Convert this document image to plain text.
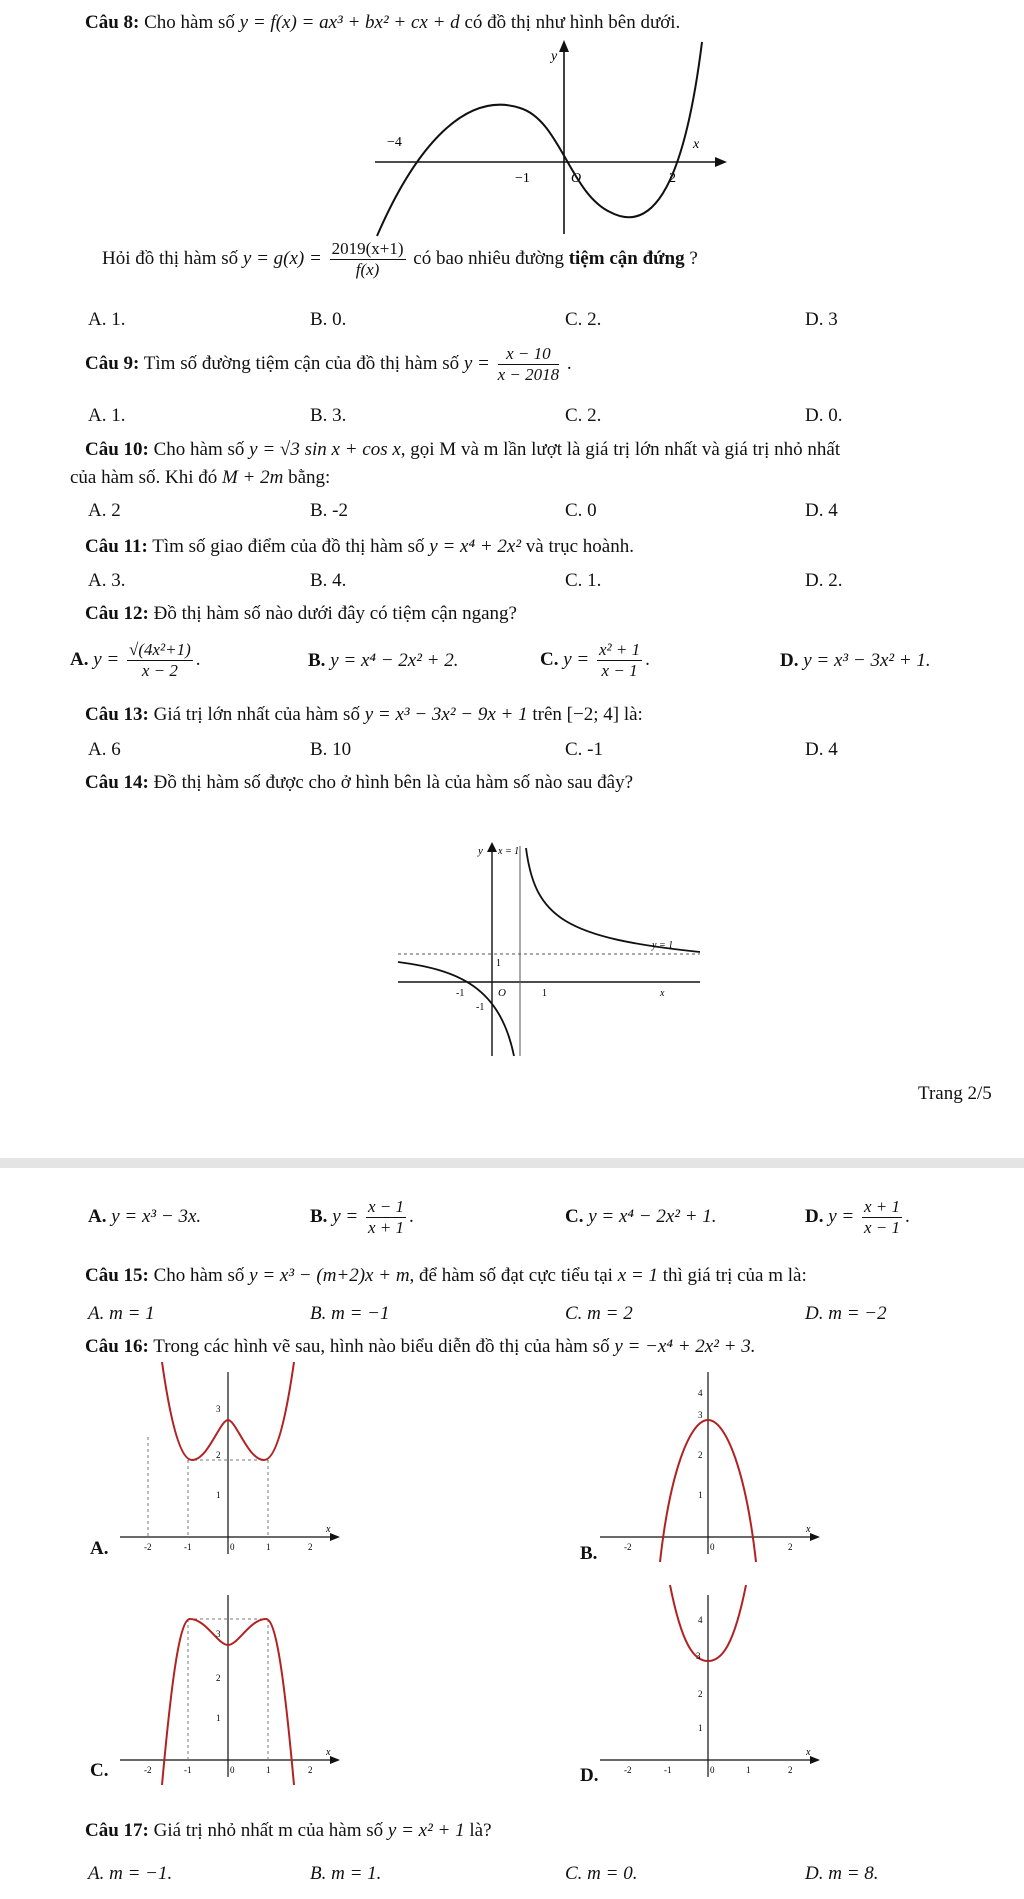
Câu 8: Cho hàm số y = f(x) = ax³ + bx² + cx + d có đồ thị như hình bên dưới.
y
x
O
−1	2
−4
Hỏi đồ thị hàm số $y = g(x) = \frac{2019(x+1)}{f(x)}$ có bao nhiêu đường tiệm cận đứng ?
A. 1.	B. 0.	C. 2.	D. 3
Câu 9: Tìm số đường tiệm cận của đồ thị hàm số $y = \frac{x - 10}{x - 2018}$ .
A. 1.	B. 3.	C. 2.	D. 0.
Câu 10: Cho hàm số y = √3 sin x + cos x, gọi M và m lần lượt là giá trị lớn nhất và giá trị nhỏ nhất
của hàm số. Khi đó M + 2m bằng:
A. 2	B. -2	C. 0	D. 4
Câu 11: Tìm số giao điểm của đồ thị hàm số y = x⁴ + 2x² và trục hoành.
A. 3.	B. 4.	C. 1.	D. 2.
Câu 12: Đồ thị hàm số nào dưới đây có tiệm cận ngang?
A. $y = \frac{\text{√(4x²+1)}}{x - 2}$ .	B. y = x⁴ − 2x² + 2.	C. $y = \frac{\text{x² + 1}}{x - 1}$ .	D. y = x³ − 3x² + 1.
Câu 13: Giá trị lớn nhất của hàm số y = x³ − 3x² − 9x + 1 trên [−2; 4] là:
A. 6	B. 10	C. -1	D. 4
Câu 14: Đồ thị hàm số được cho ở hình bên là của hàm số nào sau đây?
y x = 1
y = 1
1
-1	O	1	x
-1
Trang 2/5
A. y = x³ − 3x.	B. $y = \frac{x - 1}{x + 1}$ .	C. y = x⁴ − 2x² + 1.	D. $y = \frac{x + 1}{x - 1}$ .
Câu 15: Cho hàm số y = x³ − (m+2)x + m, để hàm số đạt cực tiểu tại x = 1 thì giá trị của m là:
A. m = 1	B. m = −1	C. m = 2	D. m = −2
Câu 16: Trong các hình vẽ sau, hình nào biểu diễn đồ thị của hàm số y = −x⁴ + 2x² + 3.
3
2
1
-2	-1	0	1	2
x
A.
4
3
2
1
-2	0	2
x
B.
3
2
1
-2	-1	0	1	2
x
C.
4
3
2
1
-2	-1	0	1	2
x
D.
Câu 17: Giá trị nhỏ nhất m của hàm số y = x² + 1 là?
A. m = −1.	B. m = 1.	C. m = 0.	D. m = 8.
